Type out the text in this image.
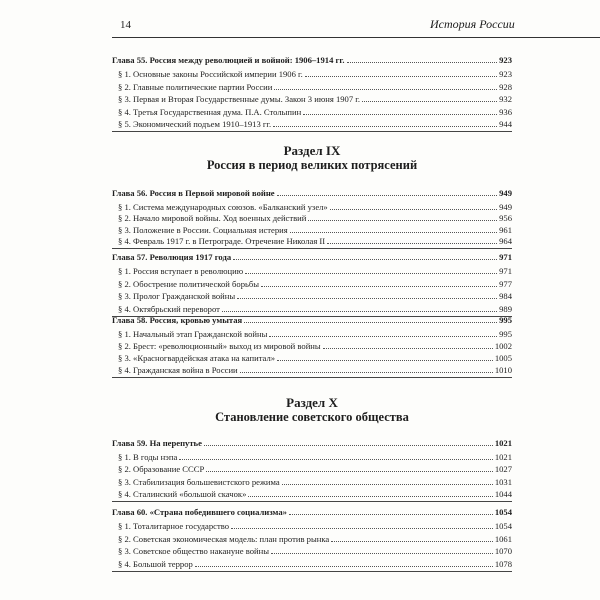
14	История России
Глава 55. Россия между революцией и войной: 1906–1914 гг.	923
§ 1. Основные законы Российской империи 1906 г.	923
§ 2. Главные политические партии России	928
§ 3. Первая и Вторая Государственные думы. Закон 3 июня 1907 г.	932
§ 4. Третья Государственная дума. П.А. Столыпин	936
§ 5. Экономический подъем 1910–1913 гг.	944
Раздел IX
Россия в период великих потрясений
Глава 56. Россия в Первой мировой войне	949
§ 1. Система международных союзов. «Балканский узел»	949
§ 2. Начало мировой войны. Ход военных действий	956
§ 3. Положение в России. Социальная истерия	961
§ 4. Февраль 1917 г. в Петрограде. Отречение Николая II	964
Глава 57. Революция 1917 года	971
§ 1. Россия вступает в революцию	971
§ 2. Обострение политической борьбы	977
§ 3. Пролог Гражданской войны	984
§ 4. Октябрьский переворот	989
Глава 58. Россия, кровью умытая	995
§ 1. Начальный этап Гражданской войны	995
§ 2. Брест: «революционный» выход из мировой войны	1002
§ 3. «Красногвардейская атака на капитал»	1005
§ 4. Гражданская война в России	1010
Раздел X
Становление советского общества
Глава 59. На перепутье	1021
§ 1. В годы нэпа	1021
§ 2. Образование СССР	1027
§ 3. Стабилизация большевистского режима	1031
§ 4. Сталинский «большой скачок»	1044
Глава 60. «Страна победившего социализма»	1054
§ 1. Тоталитарное государство	1054
§ 2. Советская экономическая модель: план против рынка	1061
§ 3. Советское общество накануне войны	1070
§ 4. Большой террор	1078
